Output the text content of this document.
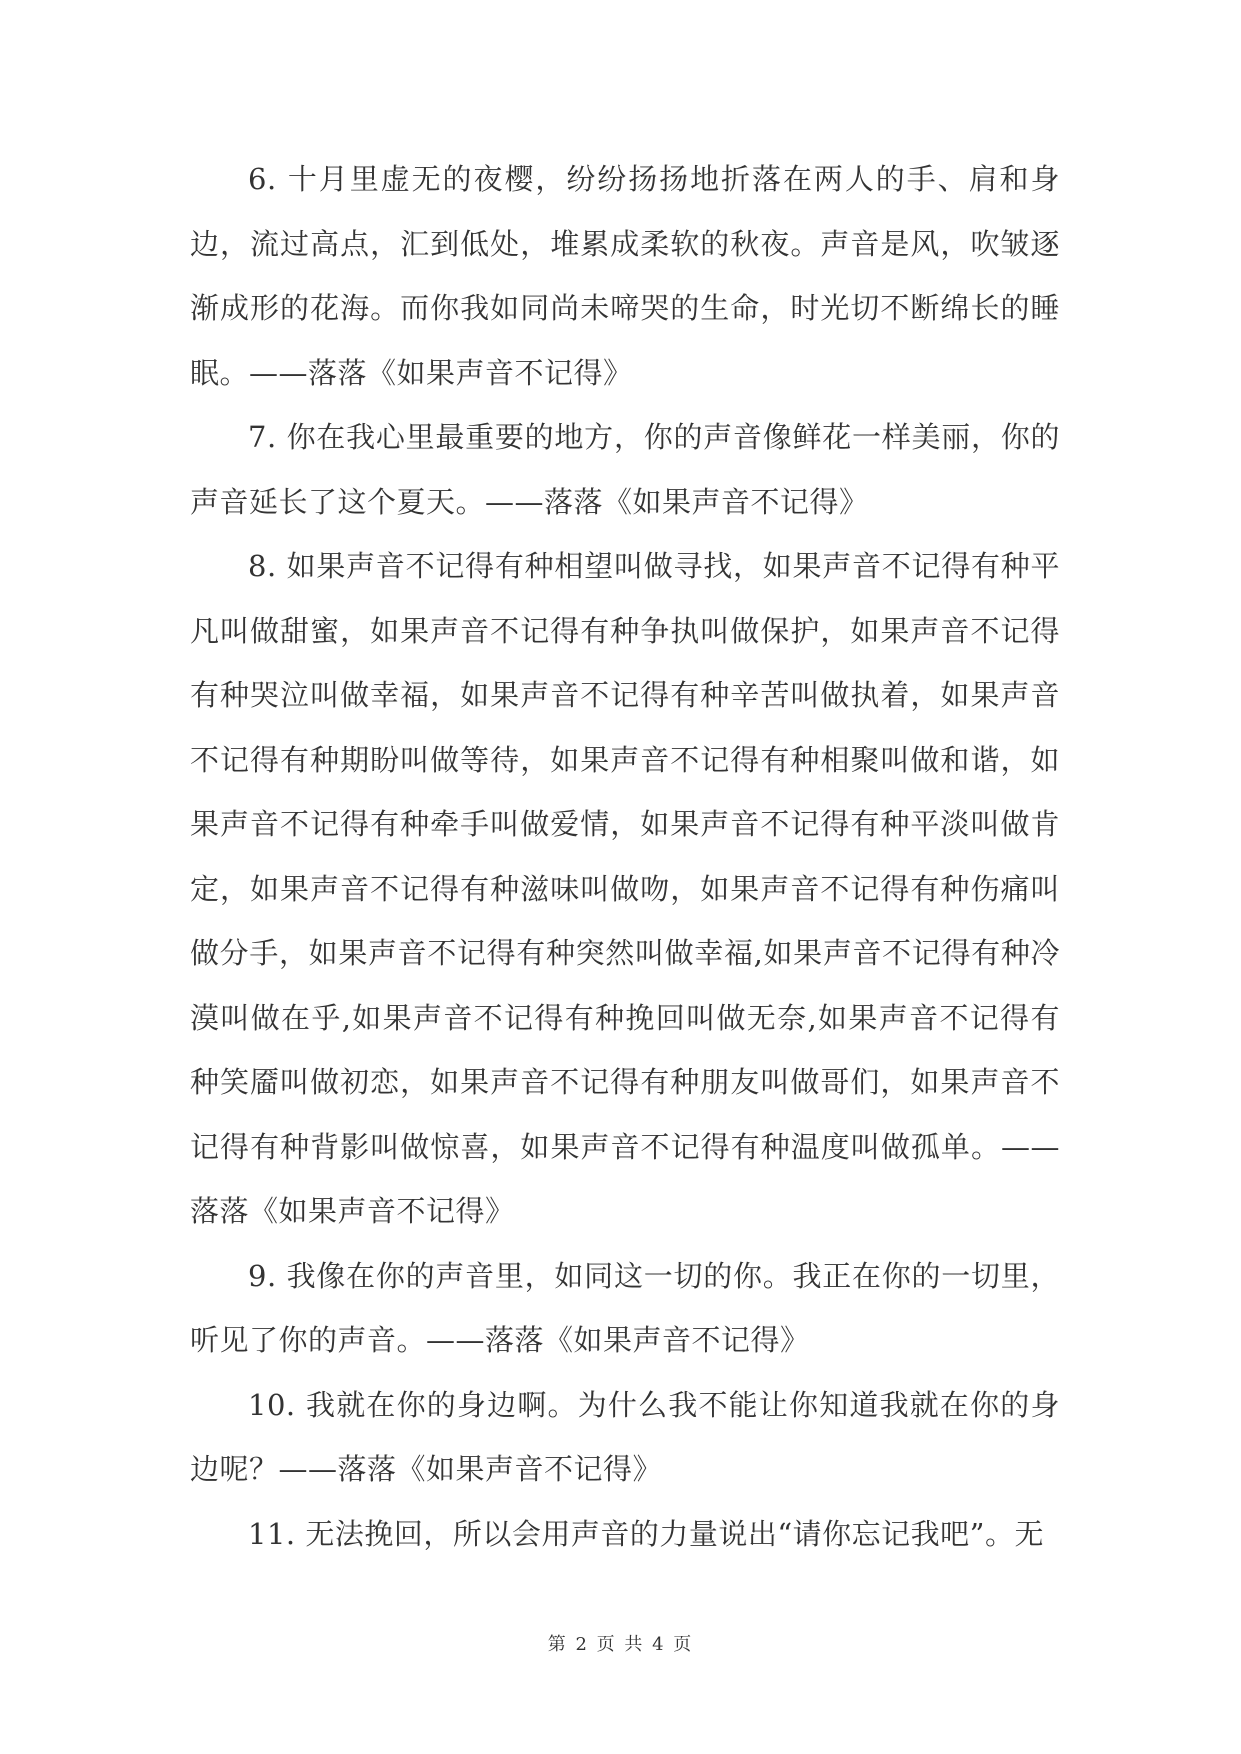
6. 十月里虚无的夜樱，纷纷扬扬地折落在两人的手、肩和身边，流过高点，汇到低处，堆累成柔软的秋夜。声音是风，吹皱逐渐成形的花海。而你我如同尚未啼哭的生命，时光切不断绵长的睡眠。——落落《如果声音不记得》

7. 你在我心里最重要的地方，你的声音像鲜花一样美丽，你的声音延长了这个夏天。——落落《如果声音不记得》

8. 如果声音不记得有种相望叫做寻找，如果声音不记得有种平凡叫做甜蜜，如果声音不记得有种争执叫做保护，如果声音不记得有种哭泣叫做幸福，如果声音不记得有种辛苦叫做执着，如果声音不记得有种期盼叫做等待，如果声音不记得有种相聚叫做和谐，如果声音不记得有种牵手叫做爱情，如果声音不记得有种平淡叫做肯定，如果声音不记得有种滋味叫做吻，如果声音不记得有种伤痛叫做分手，如果声音不记得有种突然叫做幸福,如果声音不记得有种冷漠叫做在乎,如果声音不记得有种挽回叫做无奈,如果声音不记得有种笑靥叫做初恋，如果声音不记得有种朋友叫做哥们，如果声音不记得有种背影叫做惊喜，如果声音不记得有种温度叫做孤单。——落落《如果声音不记得》

9. 我像在你的声音里，如同这一切的你。我正在你的一切里，听见了你的声音。——落落《如果声音不记得》

10. 我就在你的身边啊。为什么我不能让你知道我就在你的身边呢？——落落《如果声音不记得》

11. 无法挽回，所以会用声音的力量说出“请你忘记我吧”。无

第 2 页 共 4 页
